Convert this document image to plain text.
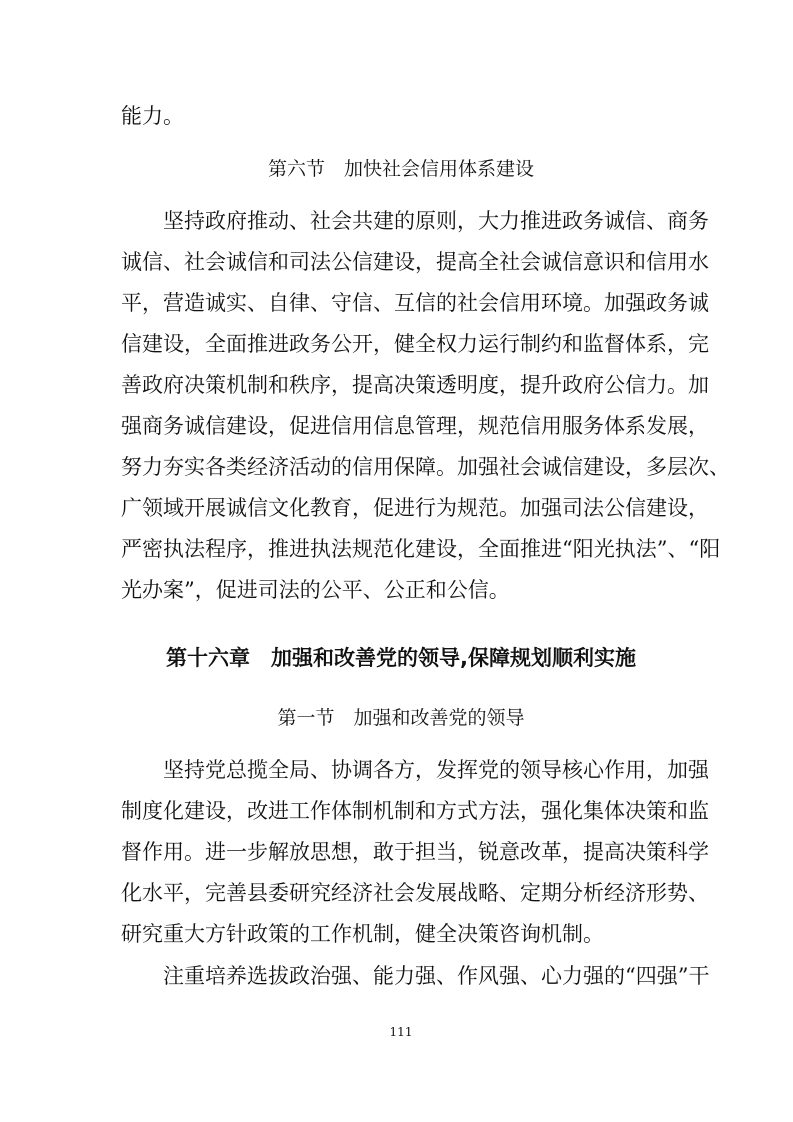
能力。
第六节　加快社会信用体系建设
坚持政府推动、社会共建的原则，大力推进政务诚信、商务
诚信、社会诚信和司法公信建设，提高全社会诚信意识和信用水
平，营造诚实、自律、守信、互信的社会信用环境。加强政务诚
信建设，全面推进政务公开，健全权力运行制约和监督体系，完
善政府决策机制和秩序，提高决策透明度，提升政府公信力。加
强商务诚信建设，促进信用信息管理，规范信用服务体系发展，
努力夯实各类经济活动的信用保障。加强社会诚信建设，多层次、
广领域开展诚信文化教育，促进行为规范。加强司法公信建设，
严密执法程序，推进执法规范化建设，全面推进“阳光执法”、“阳
光办案”，促进司法的公平、公正和公信。
第十六章　加强和改善党的领导,保障规划顺利实施
第一节　加强和改善党的领导
坚持党总揽全局、协调各方，发挥党的领导核心作用，加强
制度化建设，改进工作体制机制和方式方法，强化集体决策和监
督作用。进一步解放思想，敢于担当，锐意改革，提高决策科学
化水平，完善县委研究经济社会发展战略、定期分析经济形势、
研究重大方针政策的工作机制，健全决策咨询机制。
注重培养选拔政治强、能力强、作风强、心力强的“四强”干
111
